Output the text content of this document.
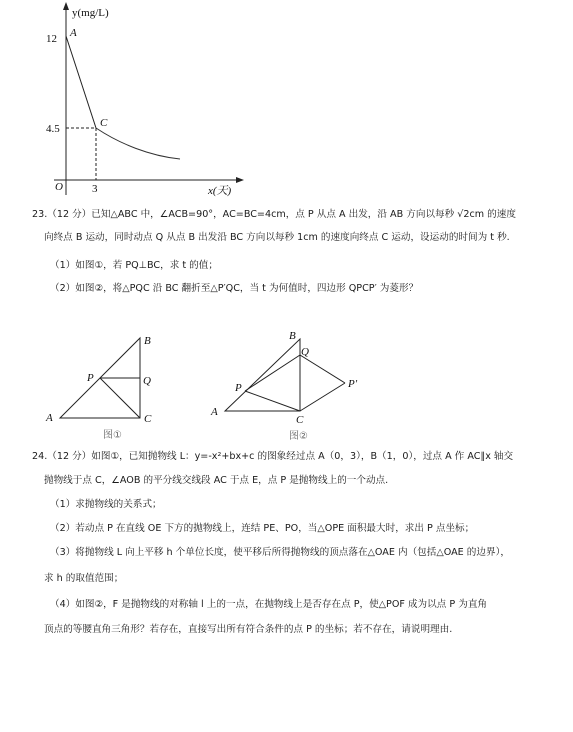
y(mg/L)
12
4.5
O	3	x(天)
A
C
23.（12 分）已知△ABC 中，∠ACB=90°，AC=BC=4cm，点 P 从点 A 出发，沿 AB 方向以每秒 √2cm 的速度
向终点 B 运动，同时动点 Q 从点 B 出发沿 BC 方向以每秒 1cm 的速度向终点 C 运动，设运动的时间为 t 秒.
（1）如图①，若 PQ⊥BC，求 t 的值；
（2）如图②，将△PQC 沿 BC 翻折至△P′QC，当 t 为何值时，四边形 QPCP′ 为菱形？
A
B
C
P	Q
图①
A
B
C
P
Q
P′
图②
24.（12 分）如图①，已知抛物线 L：y=-x²+bx+c 的图象经过点 A（0，3），B（1，0），过点 A 作 AC∥x 轴交
抛物线于点 C，∠AOB 的平分线交线段 AC 于点 E，点 P 是抛物线上的一个动点.
（1）求抛物线的关系式；
（2）若动点 P 在直线 OE 下方的抛物线上，连结 PE、PO，当△OPE 面积最大时，求出 P 点坐标；
（3）将抛物线 L 向上平移 h 个单位长度，使平移后所得抛物线的顶点落在△OAE 内（包括△OAE 的边界），
求 h 的取值范围；
（4）如图②，F 是抛物线的对称轴 l 上的一点，在抛物线上是否存在点 P，使△POF 成为以点 P 为直角
顶点的等腰直角三角形？若存在，直接写出所有符合条件的点 P 的坐标；若不存在，请说明理由.
